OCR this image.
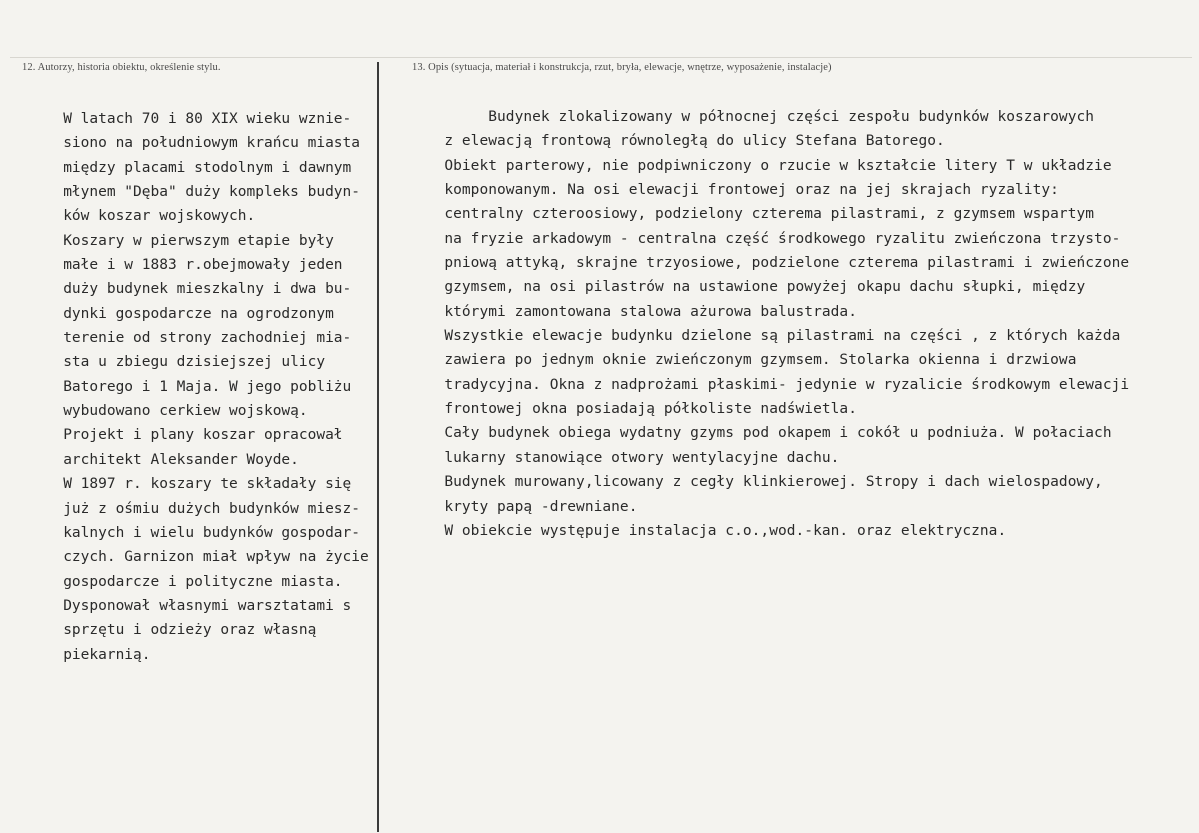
12. Autorzy, historia obiektu, określenie stylu.	13. Opis (sytuacja, materiał i konstrukcja, rzut, bryła, elewacje, wnętrze, wyposażenie, instalacje)
W latach 70 i 80 XIX wieku wznie-
siono na południowym krańcu miasta
między placami stodolnym i dawnym
młynem "Dęba" duży kompleks budyn-
ków koszar wojskowych.
Koszary w pierwszym etapie były
małe i w 1883 r.obejmowały jeden
duży budynek mieszkalny i dwa bu-
dynki gospodarcze na ogrodzonym
terenie od strony zachodniej mia-
sta u zbiegu dzisiejszej ulicy
Batorego i 1 Maja. W jego pobliżu
wybudowano cerkiew wojskową.
Projekt i plany koszar opracował
architekt Aleksander Woyde.
W 1897 r. koszary te składały się
już z ośmiu dużych budynków miesz-
kalnych i wielu budynków gospodar-
czych. Garnizon miał wpływ na życie
gospodarcze i polityczne miasta.
Dysponował własnymi warsztatami s
sprzętu i odzieży oraz własną
piekarnią.
Budynek zlokalizowany w północnej części zespołu budynków koszarowych
z elewacją frontową równoległą do ulicy Stefana Batorego.
Obiekt parterowy, nie podpiwniczony o rzucie w kształcie litery T w układzie
komponowanym. Na osi elewacji frontowej oraz na jej skrajach ryzality:
centralny czteroosiowy, podzielony czterema pilastrami, z gzymsem wspartym
na fryzie arkadowym - centralna część środkowego ryzalitu zwieńczona trzysto-
pniową attyką, skrajne trzyosiowe, podzielone czterema pilastrami i zwieńczone
gzymsem, na osi pilastrów na ustawione powyżej okapu dachu słupki, między
którymi zamontowana stalowa ażurowa balustrada.
Wszystkie elewacje budynku dzielone są pilastrami na części , z których każda
zawiera po jednym oknie zwieńczonym gzymsem. Stolarka okienna i drzwiowa
tradycyjna. Okna z nadprożami płaskimi- jedynie w ryzalicie środkowym elewacji
frontowej okna posiadają półkoliste nadświetla.
Cały budynek obiega wydatny gzyms pod okapem i cokół u podniuża. W połaciach
lukarny stanowiące otwory wentylacyjne dachu.
Budynek murowany,licowany z cegły klinkierowej. Stropy i dach wielospadowy,
kryty papą -drewniane.
W obiekcie występuje instalacja c.o.,wod.-kan. oraz elektryczna.
